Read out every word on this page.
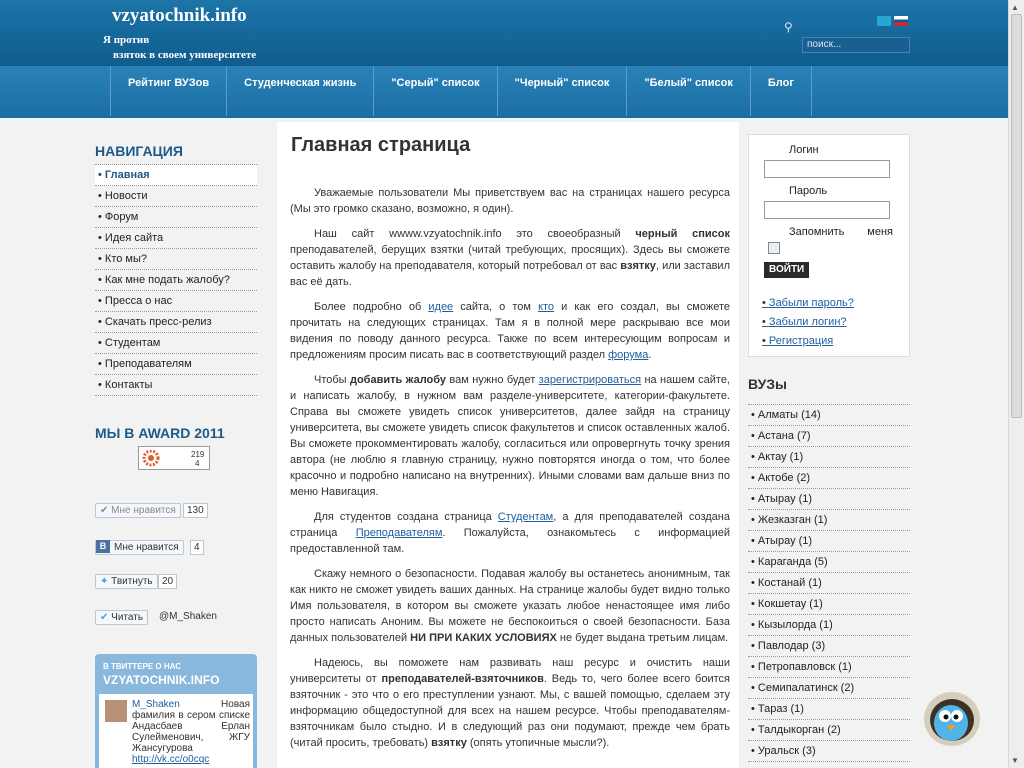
vzyatochnik.info
Я против
взяток в своем университете
⚲
поиск...
Рейтинг ВУЗов	Студенческая жизнь	"Серый" список	"Черный" список	"Белый" список	Блог
НАВИГАЦИЯ
• Главная
• Новости
• Форум
• Идея сайта
• Кто мы?
• Как мне подать жалобу?
• Пресса о нас
• Скачать пресс-релиз
• Студентам
• Преподавателям
• Контакты
МЫ В AWARD 2011
219
4
✔ Мне нравится	130
B Мне нравится	4
✦ Твитнуть 20
✔ Читать	@M_Shaken
В ТВИТТЕРЕ О НАС
VZYATOCHNIK.INFO
M_Shaken	Новая фамилия в сером списке Андасбаев Ерлан Сулейменович, ЖГУ Жансугурова http://vk.cc/o0cqc
Главная страница

Уважаемые пользователи Мы приветствуем вас на страницах нашего ресурса (Мы это громко сказано, возможно, я один).

Наш сайт wwww.vzyatochnik.info это своеобразный черный список преподавателей, берущих взятки (читай требующих, просящих). Здесь вы сможете оставить жалобу на преподавателя, который потребовал от вас взятку, или заставил вас её дать.

Более подробно об идее сайта, о том кто и как его создал, вы сможете прочитать на следующих страницах. Там я в полной мере раскрываю все мои видения по поводу данного ресурса. Также по всем интересующим вопросам и предложениям просим писать вас в соответствующий раздел форума.

Чтобы добавить жалобу вам нужно будет зарегистрироваться на нашем сайте, и написать жалобу, в нужном вам разделе-университете, категории-факультете. Справа вы сможете увидеть список университетов, далее зайдя на страницу университета, вы сможете увидеть список факультетов и список оставленных жалоб. Вы сможете прокомментировать жалобу, согласиться или опровергнуть точку зрения автора (не люблю я главную страницу, нужно повторятся иногда о том, что более красочно и подробно написано на внутренних). Иными словами вам дальше вниз по меню Навигация.

Для студентов создана страница Студентам, а для преподавателей создана страница Преподавателям. Пожалуйста, ознакомьтесь с информацией предоставленной там.

Скажу немного о безопасности. Подавая жалобу вы останетесь анонимным, так как никто не сможет увидеть ваших данных. На странице жалобы будет видно только Имя пользователя, в котором вы сможете указать любое ненастоящее имя либо просто написать Аноним. Вы можете не беспокоиться о своей безопасности. База данных пользователей НИ ПРИ КАКИХ УСЛОВИЯХ не будет выдана третьим лицам.

Надеюсь, вы поможете нам развивать наш ресурс и очистить наши университеты от преподавателей-взяточников. Ведь то, чего более всего боится взяточник - это что о его преступлении узнают. Мы, с вашей помощью, сделаем эту информацию общедоступной для всех на нашем ресурсе. Чтобы преподавателям-взяточникам было стыдно. И в следующий раз они подумают, прежде чем брать (читай просить, требовать) взятку (опять утопичные мысли?).

Логин
Пароль
Запомнить меня
ВОЙТИ
• Забыли пароль?
• Забыли логин?
• Регистрация
ВУЗы
• Алматы (14)
• Астана (7)
• Актау (1)
• Актобе (2)
• Атырау (1)
• Жезказган (1)
• Атырау (1)
• Караганда (5)
• Костанай (1)
• Кокшетау (1)
• Кызылорда (1)
• Павлодар (3)
• Петропавловск (1)
• Семипалатинск (2)
• Тараз (1)
• Талдыкорган (2)
• Уральск (3)
▲
▼
